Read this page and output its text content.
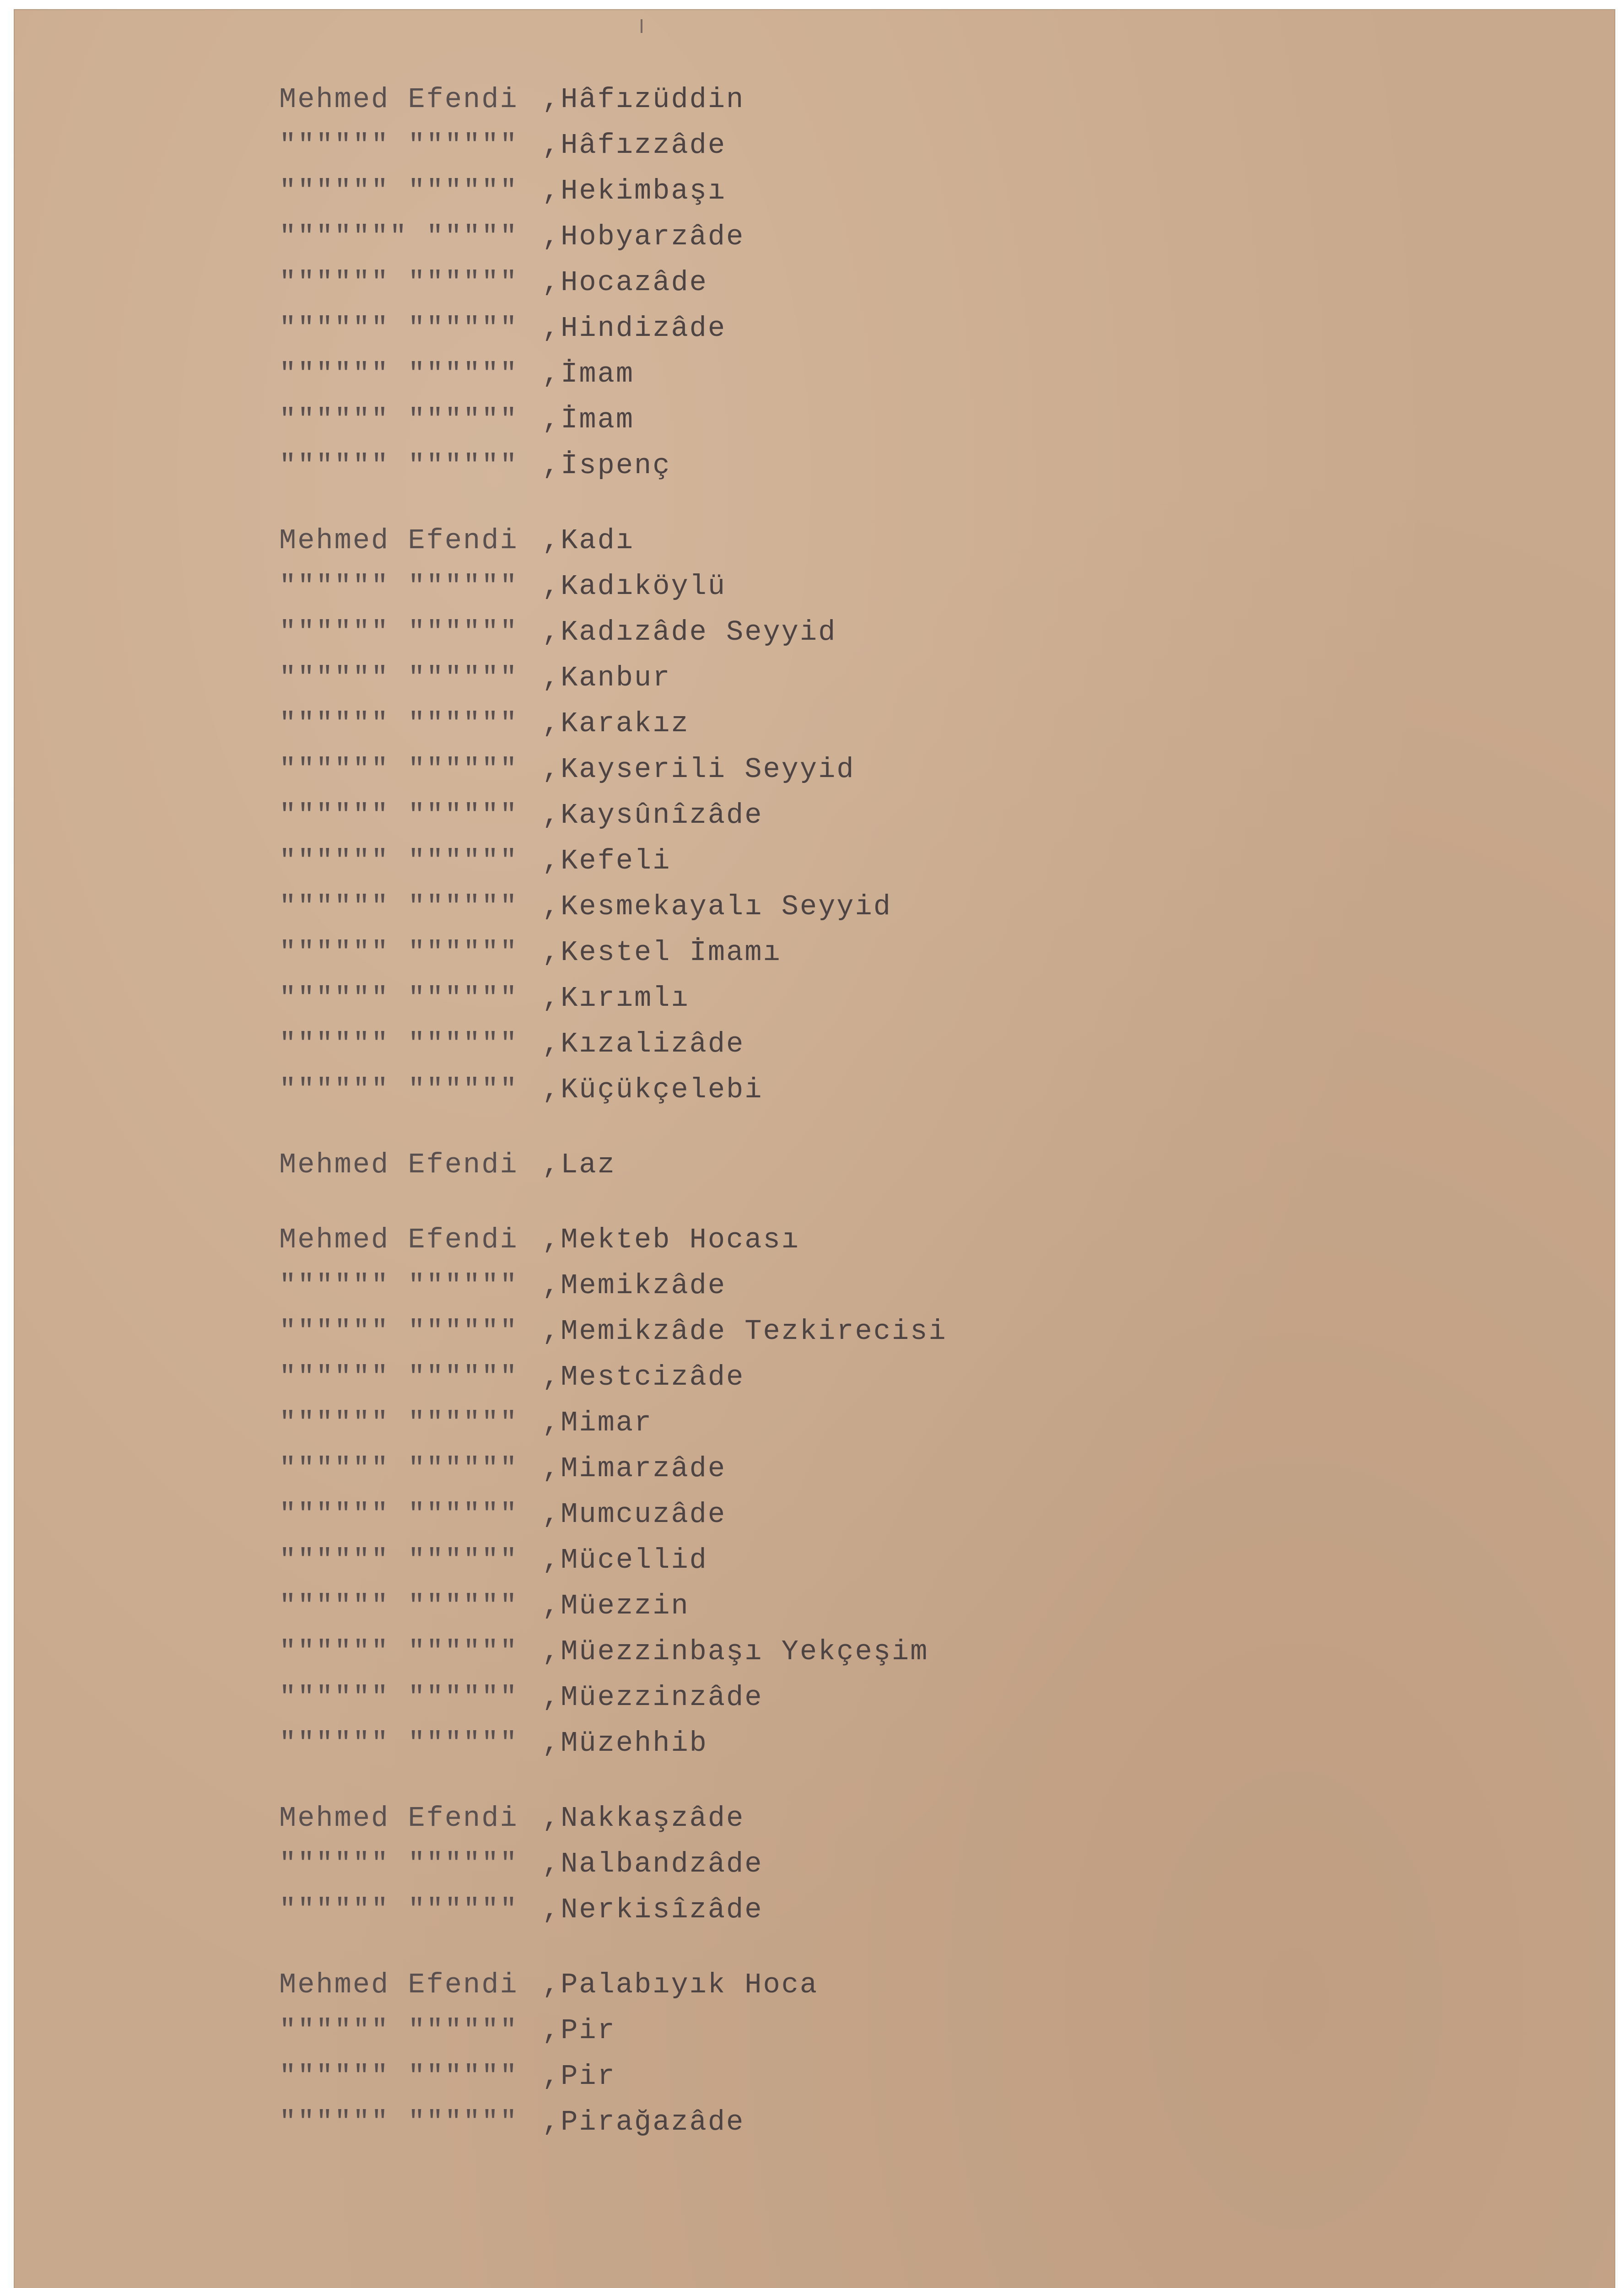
Mehmed Efendi ,Hâfızüddin
"""""" """""" ,Hâfızzâde
"""""" """""" ,Hekimbaşı
""""""" """"" ,Hobyarzâde
"""""" """""" ,Hocazâde
"""""" """""" ,Hindizâde
"""""" """""" ,İmam
"""""" """""" ,İmam
"""""" """""" ,İspenç
Mehmed Efendi ,Kadı
"""""" """""" ,Kadıköylü
"""""" """""" ,Kadızâde Seyyid
"""""" """""" ,Kanbur
"""""" """""" ,Karakız
"""""" """""" ,Kayserili Seyyid
"""""" """""" ,Kaysûnîzâde
"""""" """""" ,Kefeli
"""""" """""" ,Kesmekayalı Seyyid
"""""" """""" ,Kestel İmamı
"""""" """""" ,Kırımlı
"""""" """""" ,Kızalizâde
"""""" """""" ,Küçükçelebi
Mehmed Efendi ,Laz
Mehmed Efendi ,Mekteb Hocası
"""""" """""" ,Memikzâde
"""""" """""" ,Memikzâde Tezkirecisi
"""""" """""" ,Mestcizâde
"""""" """""" ,Mimar
"""""" """""" ,Mimarzâde
"""""" """""" ,Mumcuzâde
"""""" """""" ,Mücellid
"""""" """""" ,Müezzin
"""""" """""" ,Müezzinbaşı Yekçeşim
"""""" """""" ,Müezzinzâde
"""""" """""" ,Müzehhib
Mehmed Efendi ,Nakkaşzâde
"""""" """""" ,Nalbandzâde
"""""" """""" ,Nerkisîzâde
Mehmed Efendi ,Palabıyık Hoca
"""""" """""" ,Pir
"""""" """""" ,Pir
"""""" """""" ,Pirağazâde
